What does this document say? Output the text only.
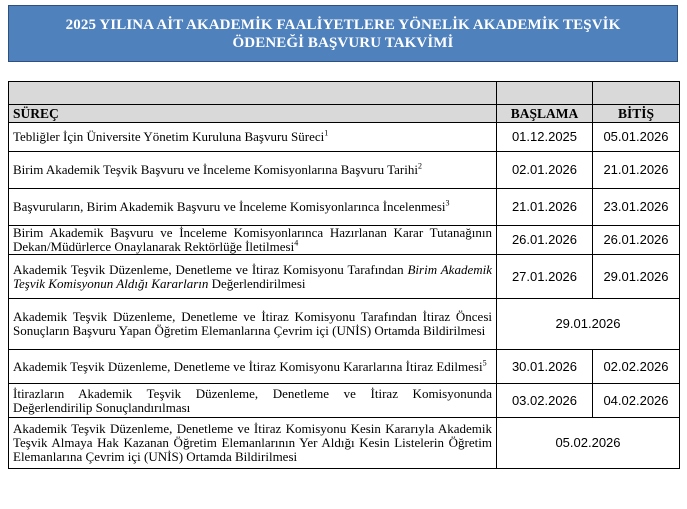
2025 YILINA AİT AKADEMİK FAALİYETLERE YÖNELİK AKADEMİK TEŞVİK
ÖDENEĞİ BAŞVURU TAKVİMİ

SÜREÇ	BAŞLAMA	BİTİŞ
Tebliğler İçin Üniversite Yönetim Kuruluna Başvuru Süreci$^1$	01.12.2025	05.01.2026
Birim Akademik Teşvik Başvuru ve İnceleme Komisyonlarına Başvuru Tarihi$^2$	02.01.2026	21.01.2026
Başvuruların, Birim Akademik Başvuru ve İnceleme Komisyonlarınca İncelenmesi$^3$	21.01.2026	23.01.2026
Birim Akademik Başvuru ve İnceleme Komisyonlarınca Hazırlanan Karar Tutanağının Dekan/Müdürlerce Onaylanarak Rektörlüğe İletilmesi$^4$	26.01.2026	26.01.2026
Akademik Teşvik Düzenleme, Denetleme ve İtiraz Komisyonu Tarafından Birim Akademik Teşvik Komisyonun Aldığı Kararların Değerlendirilmesi	27.01.2026	29.01.2026
Akademik Teşvik Düzenleme, Denetleme ve İtiraz Komisyonu Tarafından İtiraz Öncesi Sonuçların Başvuru Yapan Öğretim Elemanlarına Çevrim içi (UNİS) Ortamda Bildirilmesi	29.01.2026	
Akademik Teşvik Düzenleme, Denetleme ve İtiraz Komisyonu Kararlarına İtiraz Edilmesi$^5$	30.01.2026	02.02.2026
İtirazların Akademik Teşvik Düzenleme, Denetleme ve İtiraz Komisyonunda Değerlendirilip Sonuçlandırılması	03.02.2026	04.02.2026
Akademik Teşvik Düzenleme, Denetleme ve İtiraz Komisyonu Kesin Kararıyla Akademik Teşvik Almaya Hak Kazanan Öğretim Elemanlarının Yer Aldığı Kesin Listelerin Öğretim Elemanlarına Çevrim içi (UNİS) Ortamda Bildirilmesi	05.02.2026	
